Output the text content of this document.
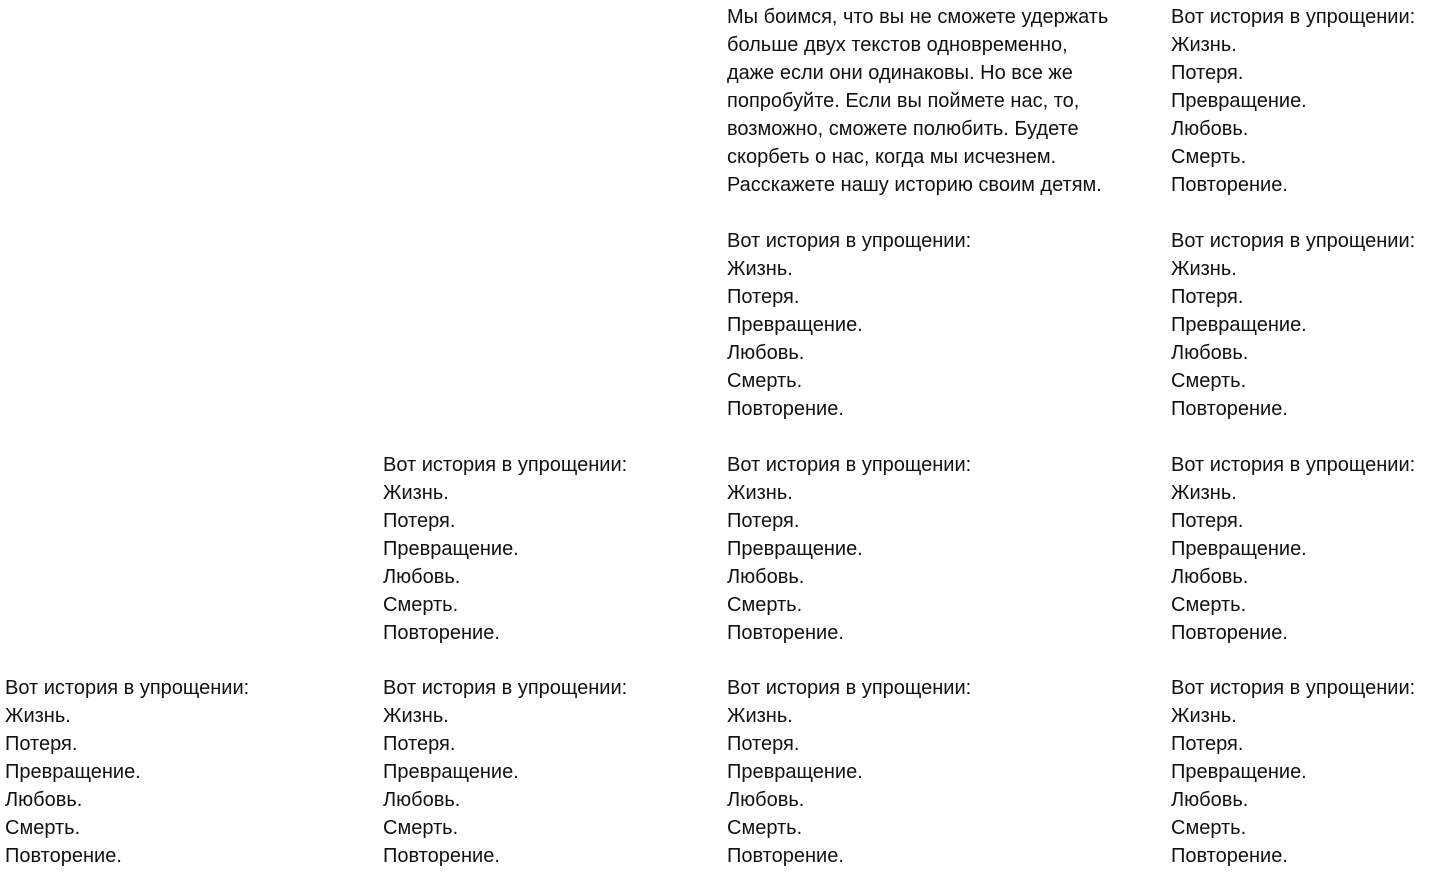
Мы боимся, что вы не сможете удержать
больше двух текстов одновременно,
даже если они одинаковы. Но все же
попробуйте. Если вы поймете нас, то,
возможно, сможете полюбить. Будете
скорбеть о нас, когда мы исчезнем.
Расскажете нашу историю своим детям.
Вот история в упрощении:
Жизнь.
Потеря.
Превращение.
Любовь.
Смерть.
Повторение.
Вот история в упрощении:
Жизнь.
Потеря.
Превращение.
Любовь.
Смерть.
Повторение.
Вот история в упрощении:
Жизнь.
Потеря.
Превращение.
Любовь.
Смерть.
Повторение.
Вот история в упрощении:
Жизнь.
Потеря.
Превращение.
Любовь.
Смерть.
Повторение.
Вот история в упрощении:
Жизнь.
Потеря.
Превращение.
Любовь.
Смерть.
Повторение.
Вот история в упрощении:
Жизнь.
Потеря.
Превращение.
Любовь.
Смерть.
Повторение.
Вот история в упрощении:
Жизнь.
Потеря.
Превращение.
Любовь.
Смерть.
Повторение.
Вот история в упрощении:
Жизнь.
Потеря.
Превращение.
Любовь.
Смерть.
Повторение.
Вот история в упрощении:
Жизнь.
Потеря.
Превращение.
Любовь.
Смерть.
Повторение.
Вот история в упрощении:
Жизнь.
Потеря.
Превращение.
Любовь.
Смерть.
Повторение.
